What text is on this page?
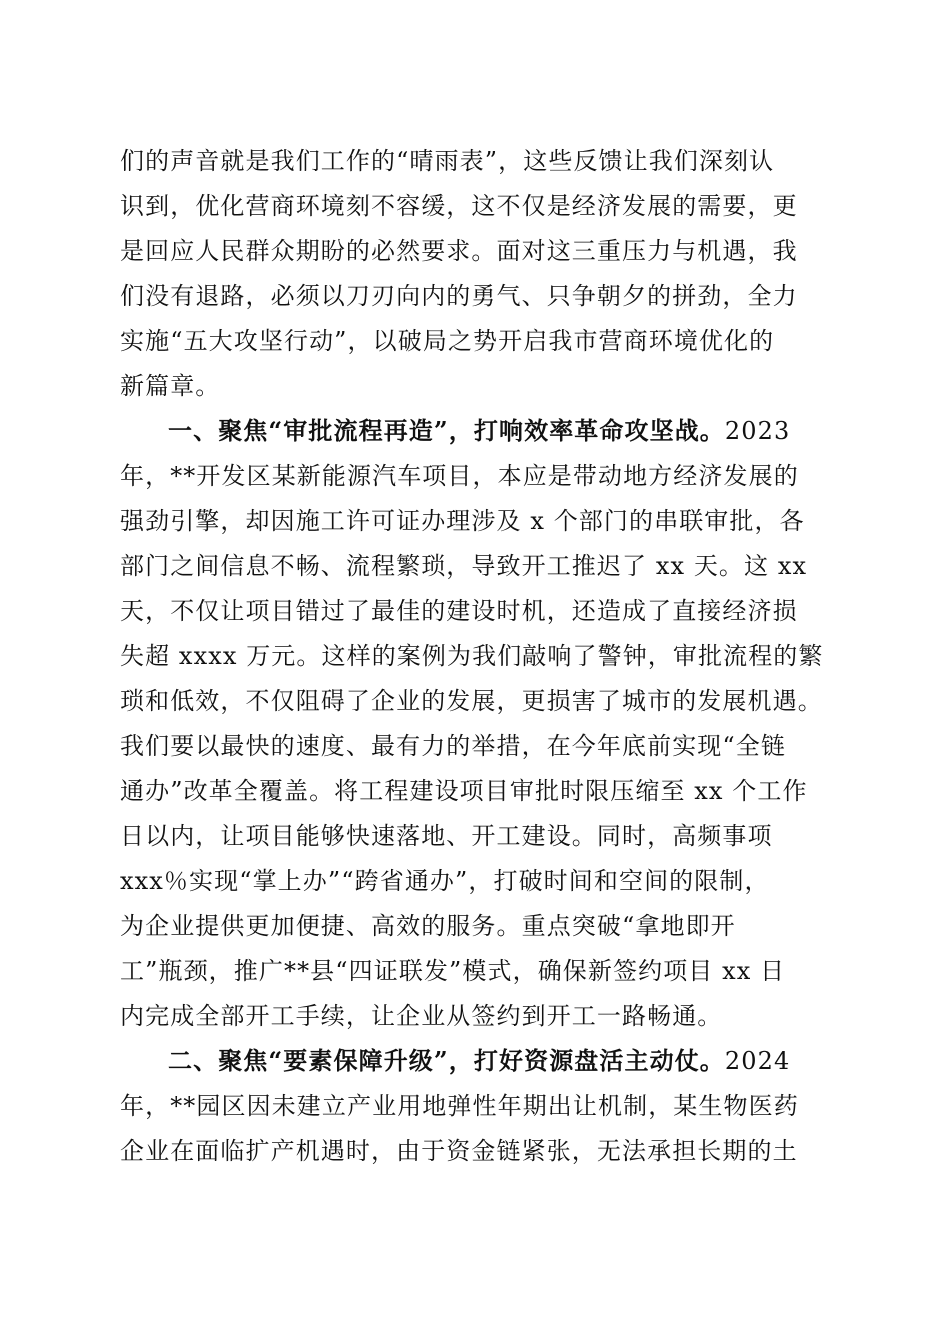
们的声音就是我们工作的“晴雨表”，这些反馈让我们深刻认
识到，优化营商环境刻不容缓，这不仅是经济发展的需要，更
是回应人民群众期盼的必然要求。面对这三重压力与机遇，我
们没有退路，必须以刀刃向内的勇气、只争朝夕的拼劲，全力
实施“五大攻坚行动”，以破局之势开启我市营商环境优化的
新篇章。
一、聚焦“审批流程再造”，打响效率革命攻坚战。2023
年，**开发区某新能源汽车项目，本应是带动地方经济发展的
强劲引擎，却因施工许可证办理涉及 x 个部门的串联审批，各
部门之间信息不畅、流程繁琐，导致开工推迟了 xx 天。这 xx
天，不仅让项目错过了最佳的建设时机，还造成了直接经济损
失超 xxxx 万元。这样的案例为我们敲响了警钟，审批流程的繁
琐和低效，不仅阻碍了企业的发展，更损害了城市的发展机遇。
我们要以最快的速度、最有力的举措，在今年底前实现“全链
通办”改革全覆盖。将工程建设项目审批时限压缩至 xx 个工作
日以内，让项目能够快速落地、开工建设。同时，高频事项
xxx％实现“掌上办”“跨省通办”，打破时间和空间的限制，
为企业提供更加便捷、高效的服务。重点突破“拿地即开
工”瓶颈，推广**县“四证联发”模式，确保新签约项目 xx 日
内完成全部开工手续，让企业从签约到开工一路畅通。
二、聚焦“要素保障升级”，打好资源盘活主动仗。2024
年，**园区因未建立产业用地弹性年期出让机制，某生物医药
企业在面临扩产机遇时，由于资金链紧张，无法承担长期的土
